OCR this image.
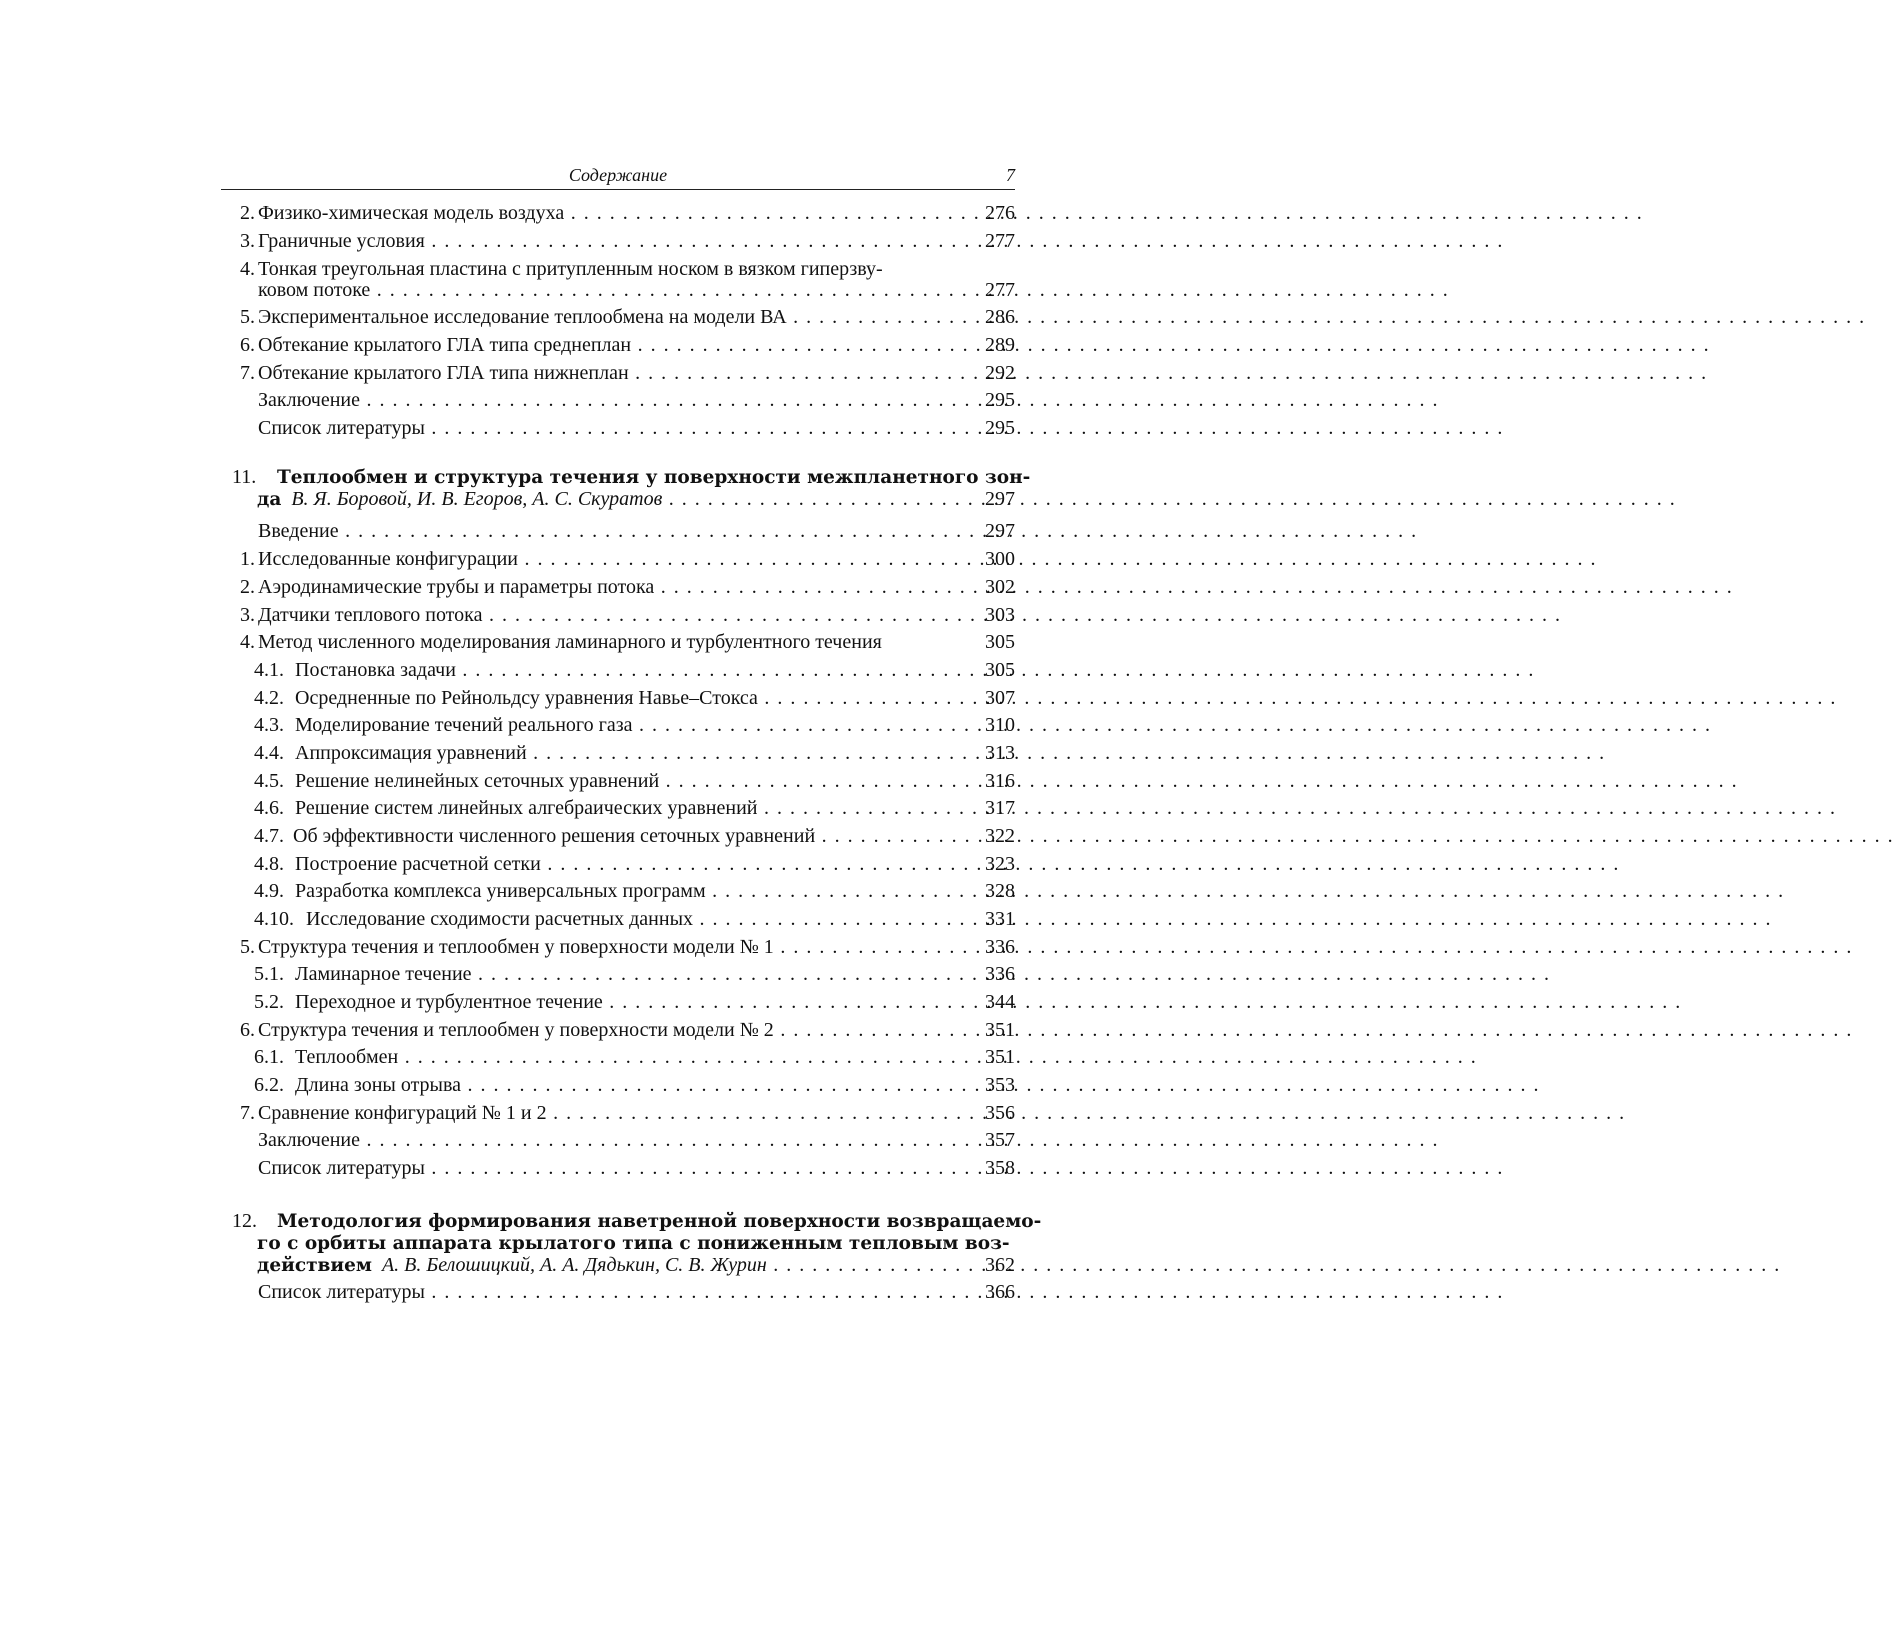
Содержание	7
2. Физико-химическая модель воздуха . . .	276
3. Граничные условия . . .	277
4. Тонкая треугольная пластина с притупленным носком в вязком гиперзву-
ковом потоке . . .	277
5. Экспериментальное исследование теплообмена на модели ВА . . .	286
6. Обтекание крылатого ГЛА типа среднеплан . . .	289
7. Обтекание крылатого ГЛА типа нижнеплан . . .	292
Заключение . . .	295
Список литературы . . .	295
11. Теплообмен и структура течения у поверхности межпланетного зон-
да В. Я. Боровой, И. В. Егоров, А. С. Скуратов . . .	297
Введение . . .	297
1. Исследованные конфигурации . . .	300
2. Аэродинамические трубы и параметры потока . . .	302
3. Датчики теплового потока . . .	303
4. Метод численного моделирования ламинарного и турбулентного течения	305
4.1. Постановка задачи . . .	305
4.2. Осредненные по Рейнольдсу уравнения Навье–Стокса . . .	307
4.3. Моделирование течений реального газа . . .	310
4.4. Аппроксимация уравнений . . .	313
4.5. Решение нелинейных сеточных уравнений . . .	316
4.6. Решение систем линейных алгебраических уравнений . . .	317
4.7. Об эффективности численного решения сеточных уравнений . . .	322
4.8. Построение расчетной сетки . . .	323
4.9. Разработка комплекса универсальных программ . . .	328
4.10. Исследование сходимости расчетных данных . . .	331
5. Структура течения и теплообмен у поверхности модели № 1 . . .	336
5.1. Ламинарное течение . . .	336
5.2. Переходное и турбулентное течение . . .	344
6. Структура течения и теплообмен у поверхности модели № 2 . . .	351
6.1. Теплообмен . . .	351
6.2. Длина зоны отрыва . . .	353
7. Сравнение конфигураций № 1 и 2 . . .	356
Заключение . . .	357
Список литературы . . .	358
12. Методология формирования наветренной поверхности возвращаемо-
го с орбиты аппарата крылатого типа с пониженным тепловым воз-
действием А. В. Белошицкий, А. А. Дядькин, С. В. Журин . . .	362
Список литературы . . .	366
